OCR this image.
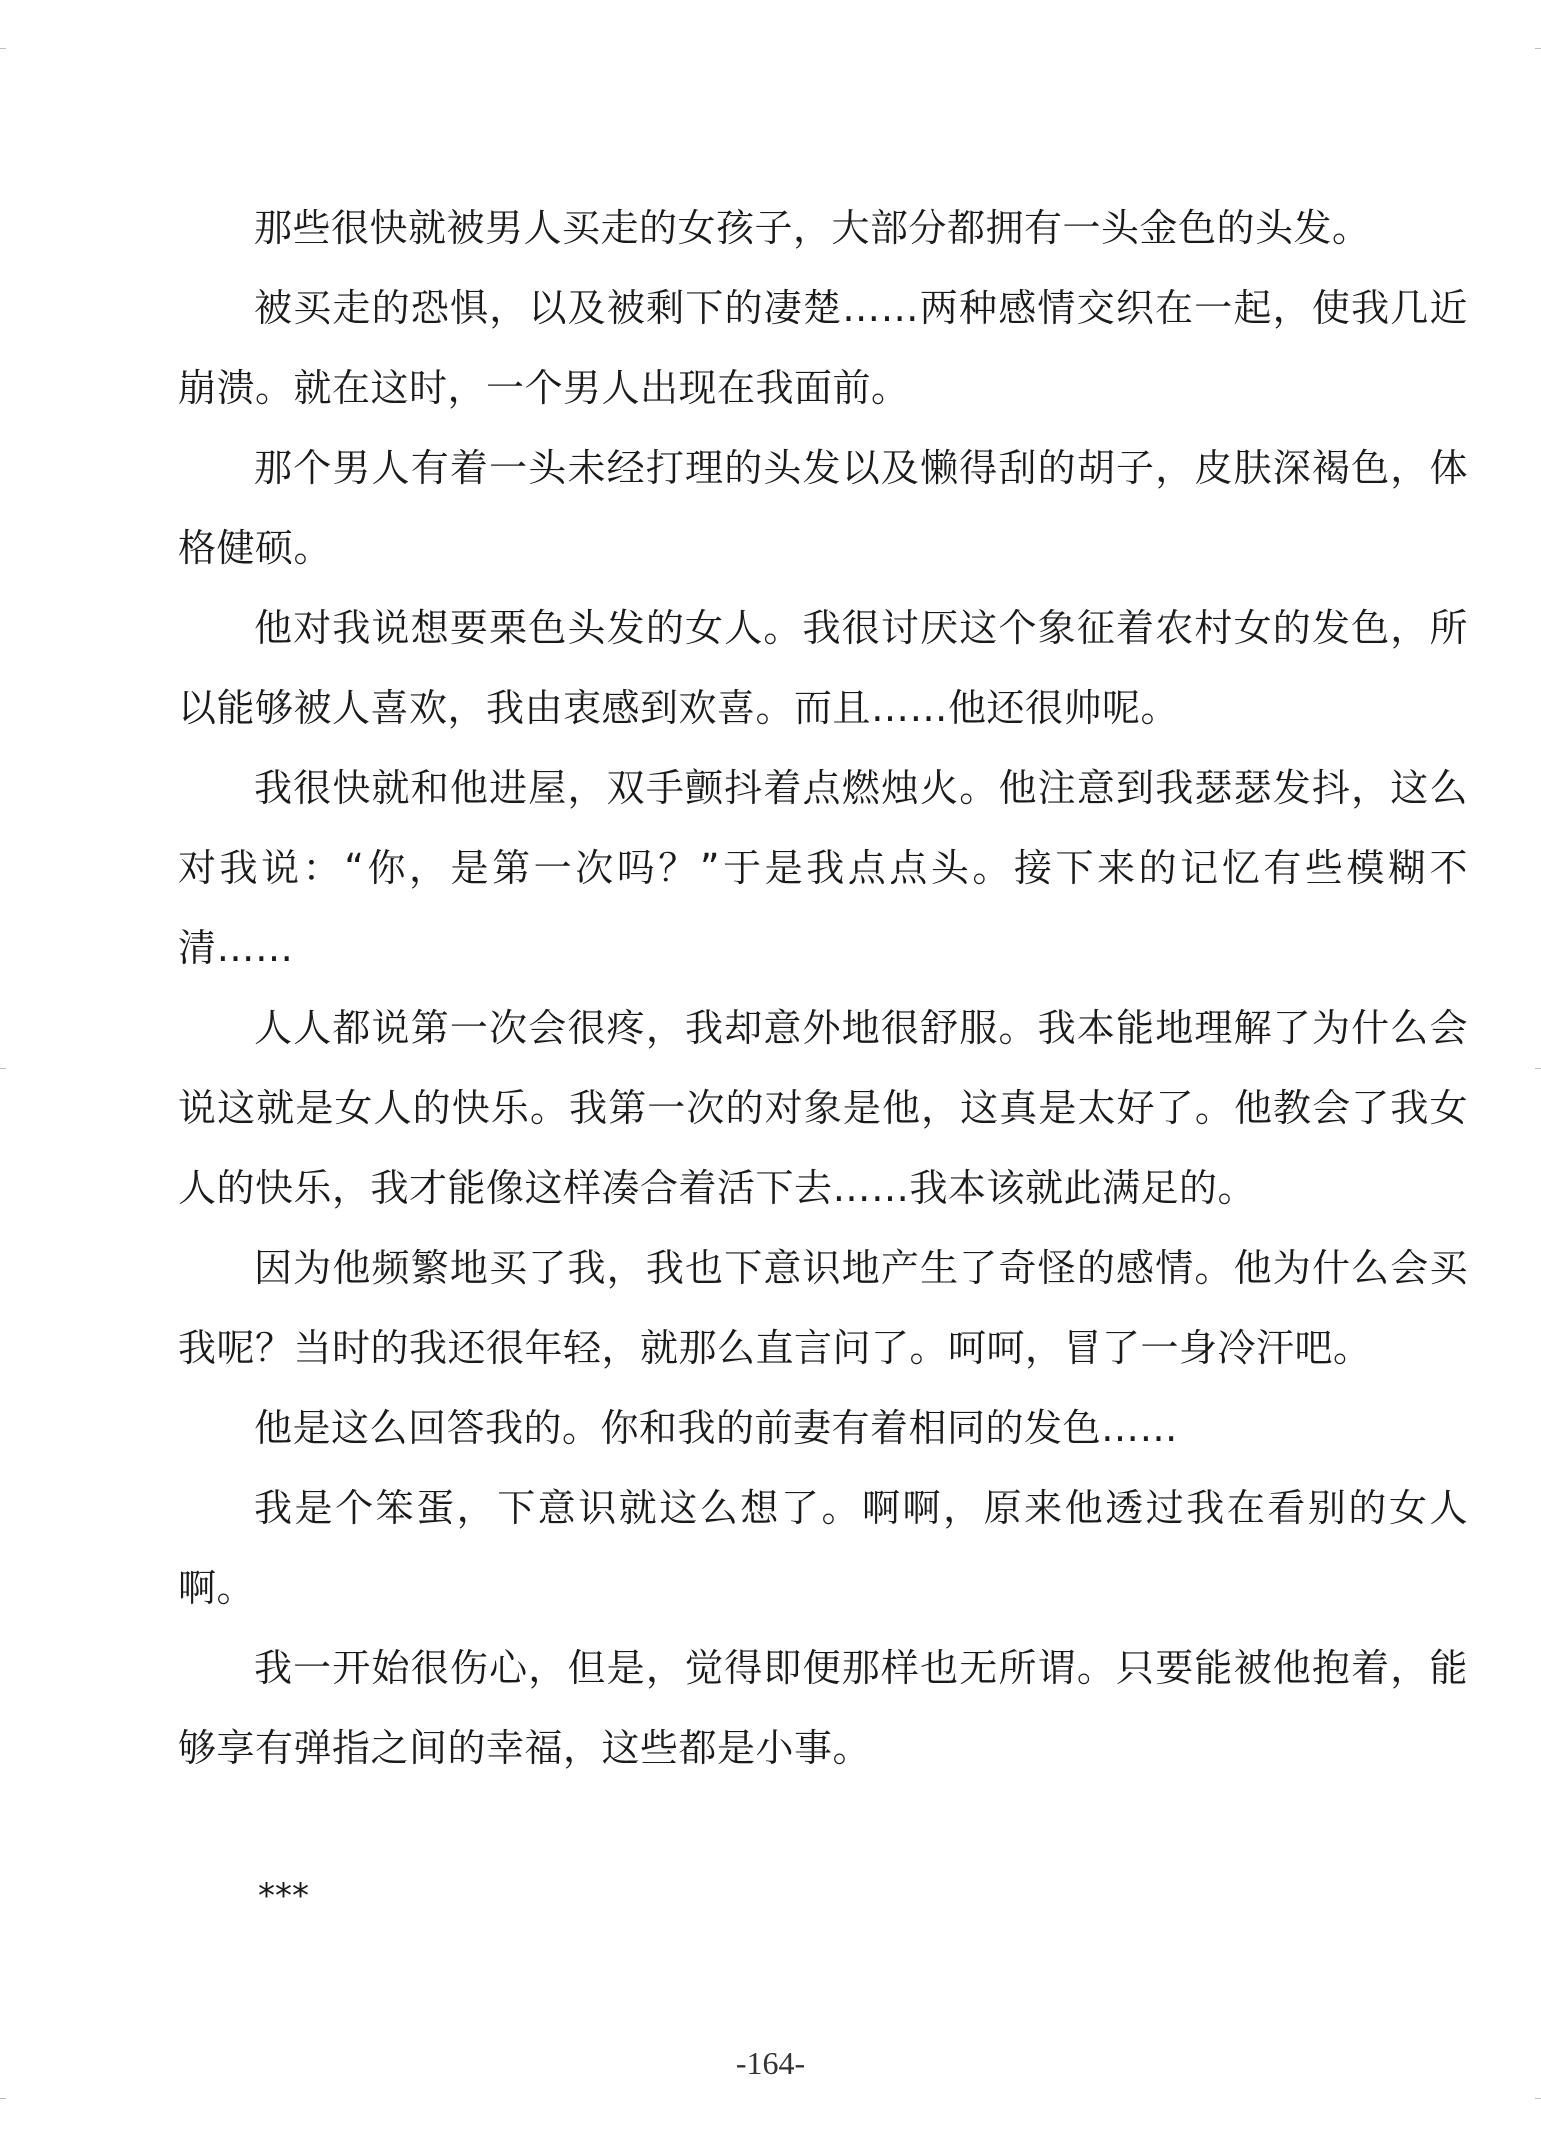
那些很快就被男人买走的女孩子，大部分都拥有一头金色的头发。

被买走的恐惧，以及被剩下的凄楚……两种感情交织在一起，使我几近崩溃。就在这时，一个男人出现在我面前。

那个男人有着一头未经打理的头发以及懒得刮的胡子，皮肤深褐色，体格健硕。

他对我说想要栗色头发的女人。我很讨厌这个象征着农村女的发色，所以能够被人喜欢，我由衷感到欢喜。而且……他还很帅呢。

我很快就和他进屋，双手颤抖着点燃烛火。他注意到我瑟瑟发抖，这么对我说：“你，是第一次吗？”于是我点点头。接下来的记忆有些模糊不清……

人人都说第一次会很疼，我却意外地很舒服。我本能地理解了为什么会说这就是女人的快乐。我第一次的对象是他，这真是太好了。他教会了我女人的快乐，我才能像这样凑合着活下去……我本该就此满足的。

因为他频繁地买了我，我也下意识地产生了奇怪的感情。他为什么会买我呢？当时的我还很年轻，就那么直言问了。呵呵，冒了一身冷汗吧。

他是这么回答我的。你和我的前妻有着相同的发色……

我是个笨蛋，下意识就这么想了。啊啊，原来他透过我在看别的女人啊。

我一开始很伤心，但是，觉得即便那样也无所谓。只要能被他抱着，能够享有弹指之间的幸福，这些都是小事。

***
-164-
